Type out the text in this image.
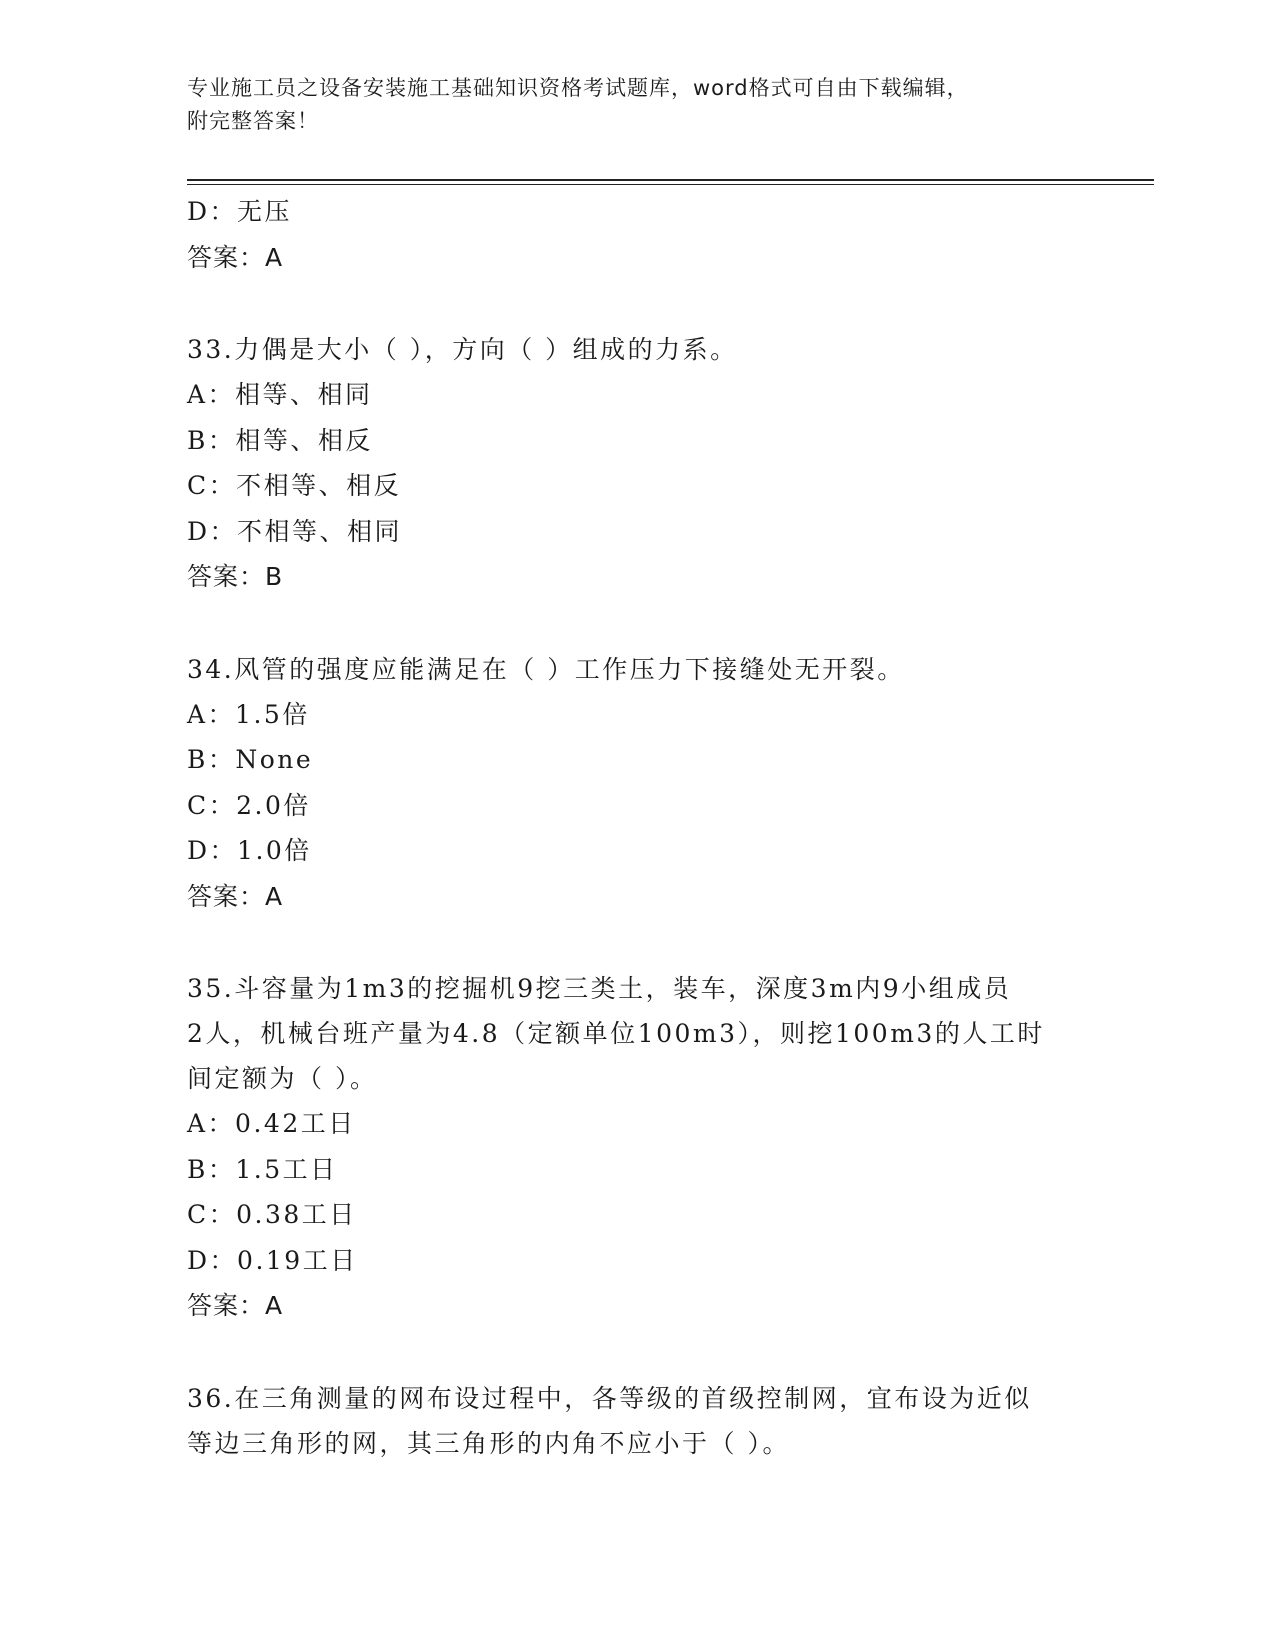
专业施工员之设备安装施工基础知识资格考试题库，word格式可自由下载编辑，
附完整答案！
D：无压
答案：A
33.力偶是大小（ ），方向（ ）组成的力系。
A：相等、相同
B：相等、相反
C：不相等、相反
D：不相等、相同
答案：B
34.风管的强度应能满足在（ ）工作压力下接缝处无开裂。
A：1.5倍
B：None
C：2.0倍
D：1.0倍
答案：A
35.斗容量为1m3的挖掘机9挖三类土，装车，深度3m内9小组成员
2人，机械台班产量为4.8（定额单位100m3），则挖100m3的人工时
间定额为（ ）。
A：0.42工日
B：1.5工日
C：0.38工日
D：0.19工日
答案：A
36.在三角测量的网布设过程中，各等级的首级控制网，宜布设为近似
等边三角形的网，其三角形的内角不应小于（ ）。
